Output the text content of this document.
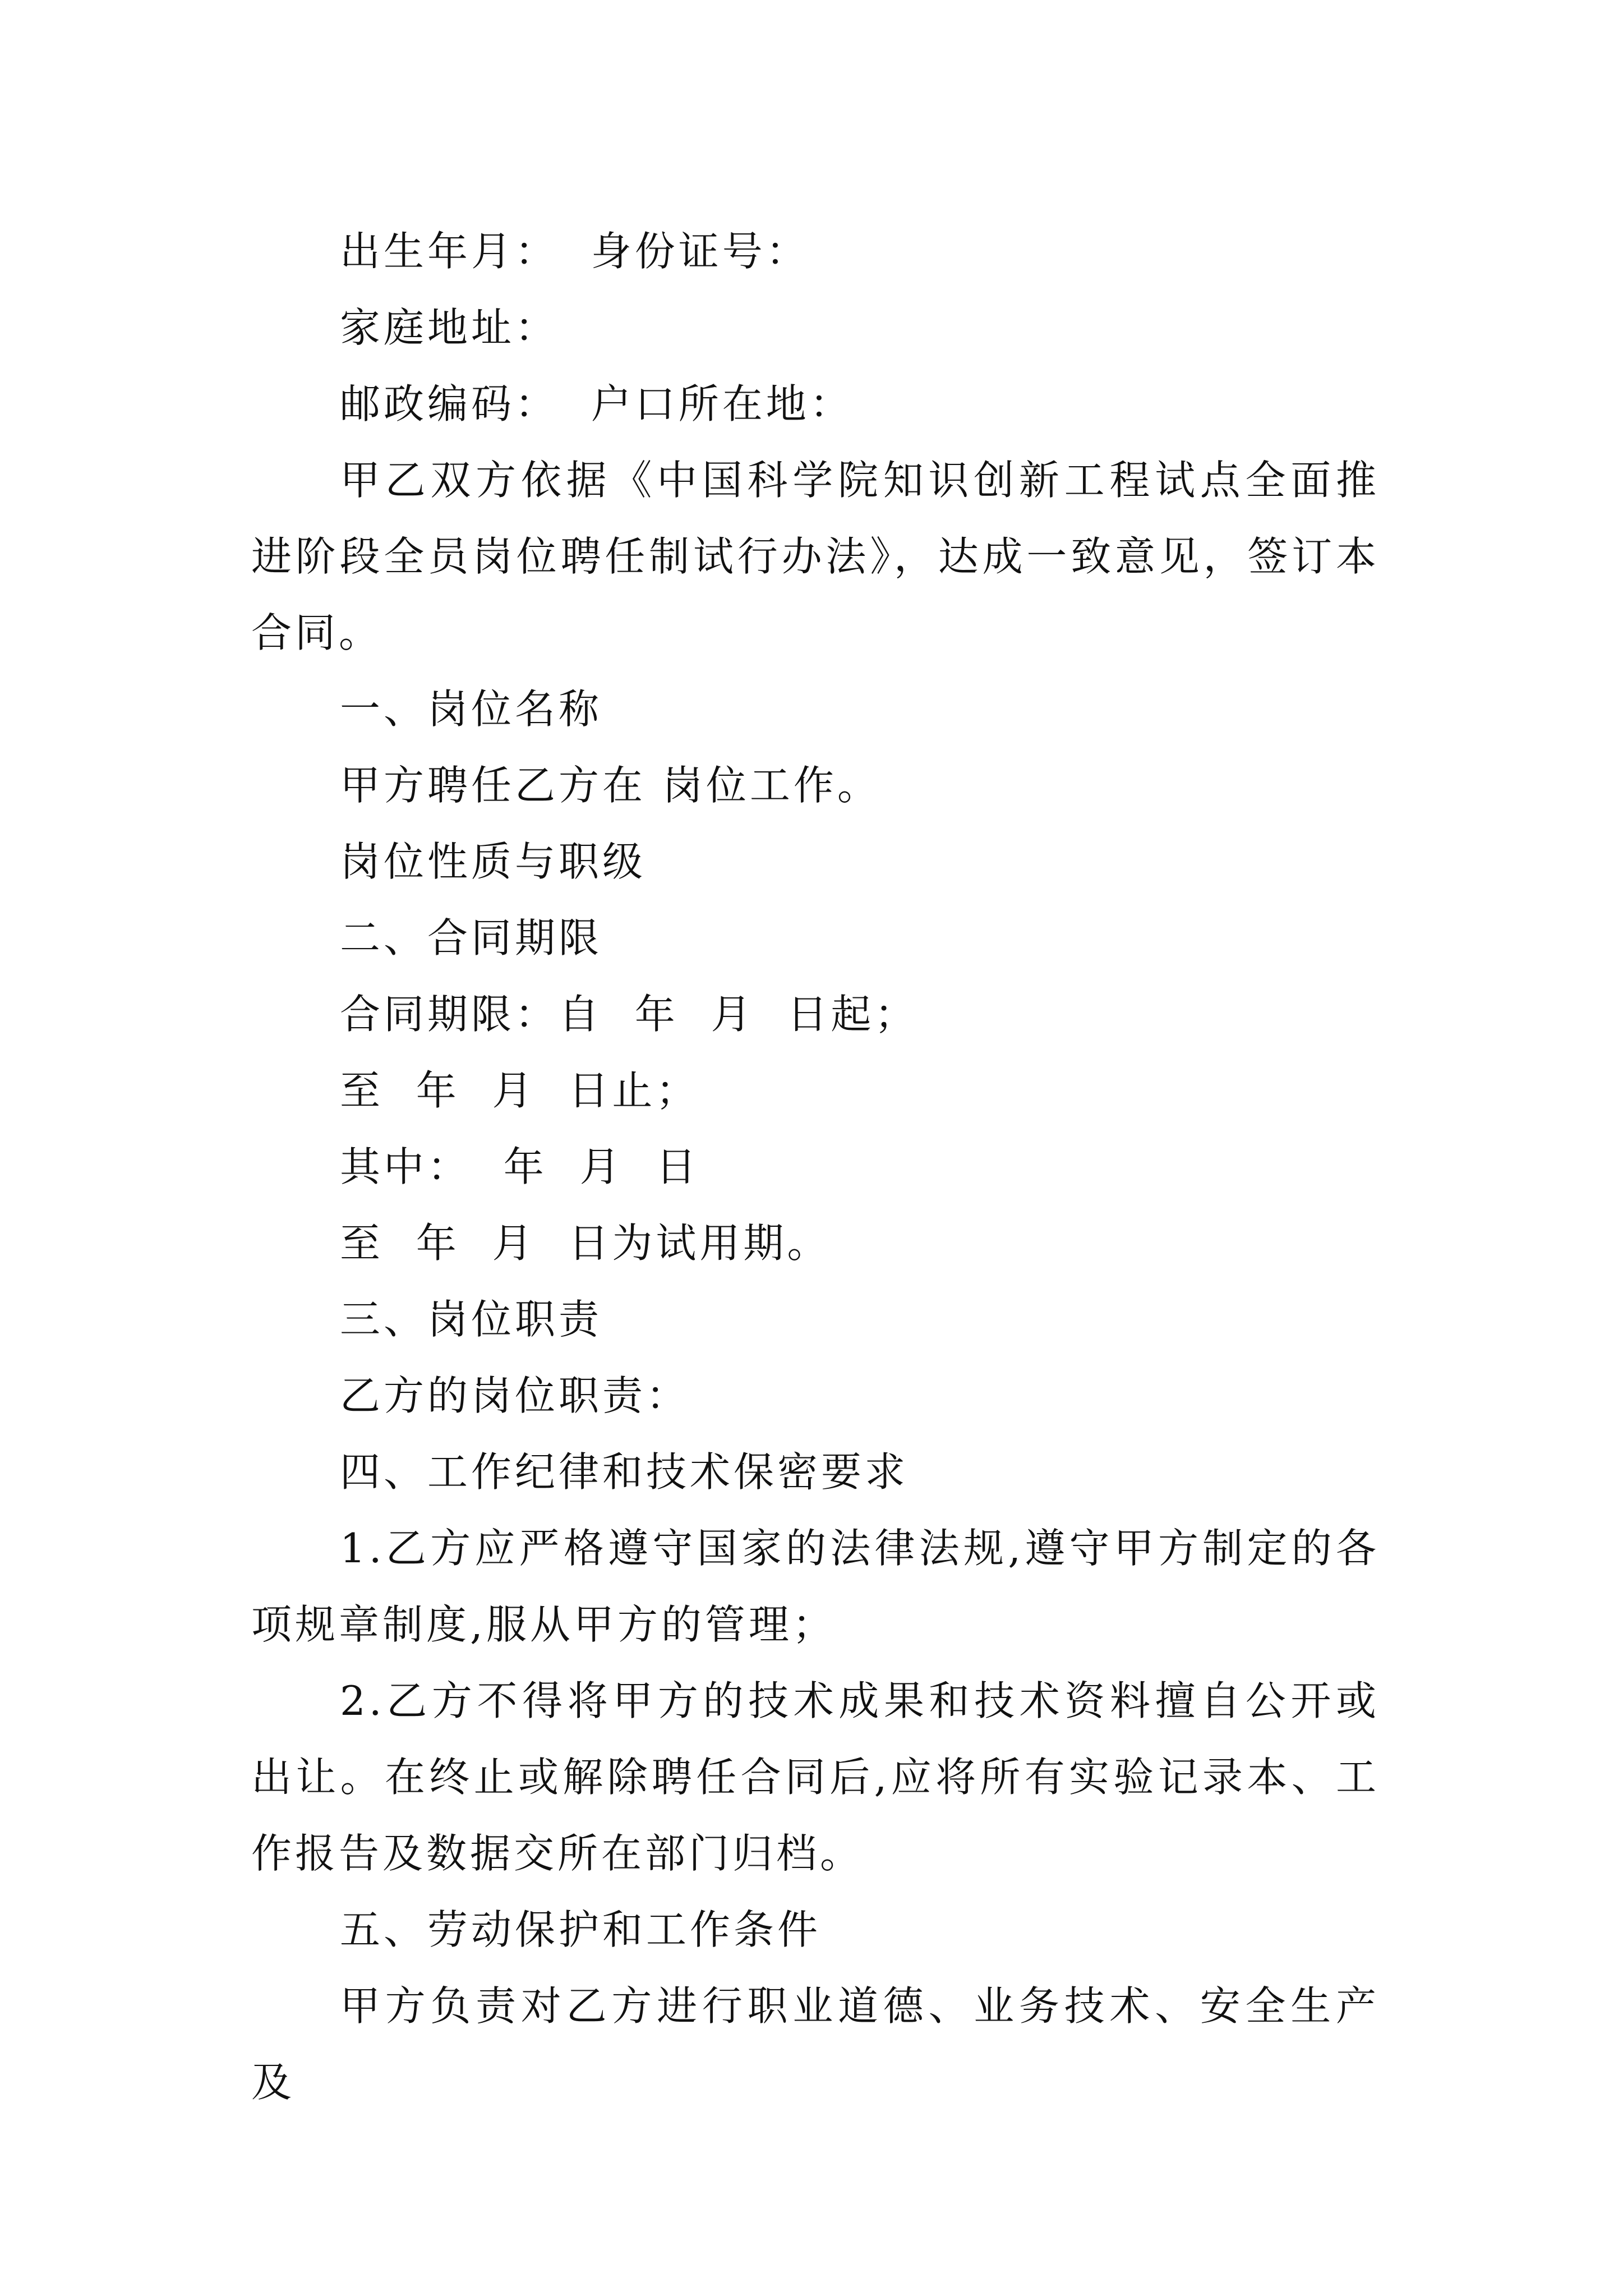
出生年月：  身份证号：

家庭地址：

邮政编码：  户口所在地：

甲乙双方依据《中国科学院知识创新工程试点全面推进阶段全员岗位聘任制试行办法》，达成一致意见，签订本合同。

一、岗位名称

甲方聘任乙方在 岗位工作。

岗位性质与职级

二、合同期限

合同期限：自  年  月  日起；

至  年  月  日止；

其中：  年  月  日

至  年  月  日为试用期。

三、岗位职责

乙方的岗位职责：

四、工作纪律和技术保密要求

1.乙方应严格遵守国家的法律法规,遵守甲方制定的各项规章制度,服从甲方的管理；

2.乙方不得将甲方的技术成果和技术资料擅自公开或出让。在终止或解除聘任合同后,应将所有实验记录本、工作报告及数据交所在部门归档。

五、劳动保护和工作条件

甲方负责对乙方进行职业道德、业务技术、安全生产及
